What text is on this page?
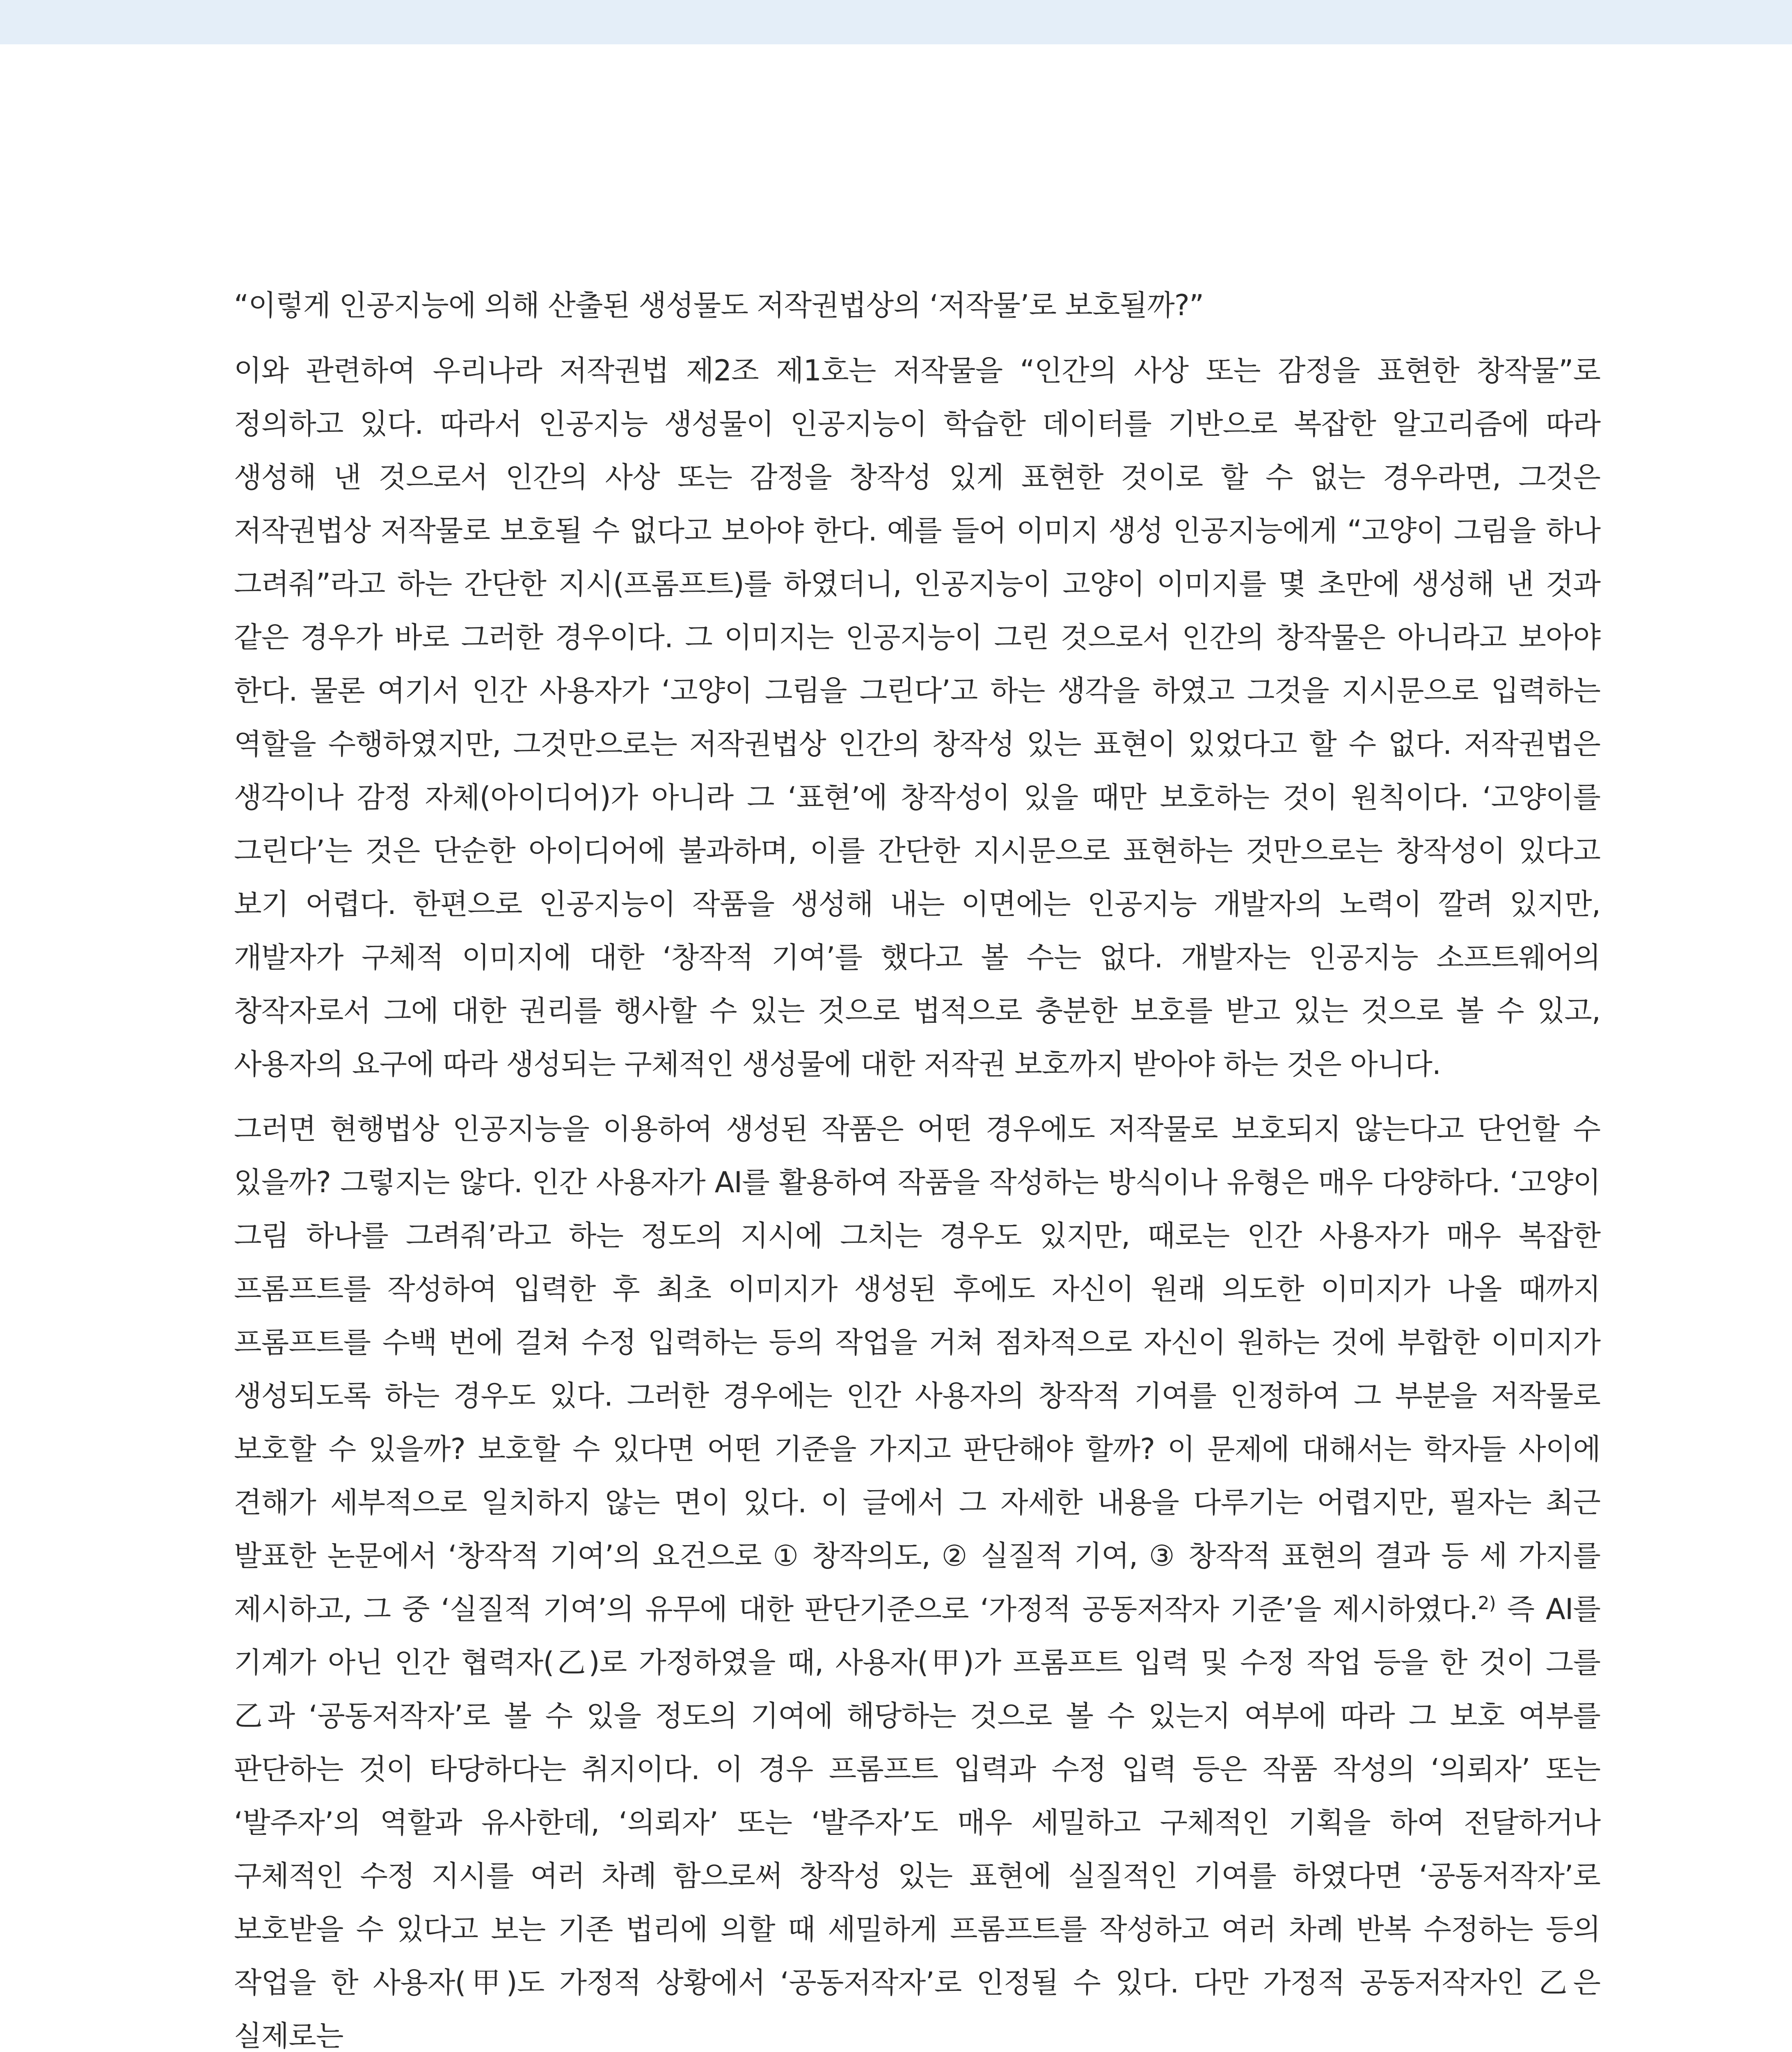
“이렇게 인공지능에 의해 산출된 생성물도 저작권법상의 ‘저작물’로 보호될까?”

이와 관련하여 우리나라 저작권법 제2조 제1호는 저작물을 “인간의 사상 또는 감정을 표현한 창작물”로 정의하고 있다. 따라서 인공지능 생성물이 인공지능이 학습한 데이터를 기반으로 복잡한 알고리즘에 따라 생성해 낸 것으로서 인간의 사상 또는 감정을 창작성 있게 표현한 것이로 할 수 없는 경우라면, 그것은 저작권법상 저작물로 보호될 수 없다고 보아야 한다. 예를 들어 이미지 생성 인공지능에게 “고양이 그림을 하나 그려줘”라고 하는 간단한 지시(프롬프트)를 하였더니, 인공지능이 고양이 이미지를 몇 초만에 생성해 낸 것과 같은 경우가 바로 그러한 경우이다. 그 이미지는 인공지능이 그린 것으로서 인간의 창작물은 아니라고 보아야 한다. 물론 여기서 인간 사용자가 ‘고양이 그림을 그린다’고 하는 생각을 하였고 그것을 지시문으로 입력하는 역할을 수행하였지만, 그것만으로는 저작권법상 인간의 창작성 있는 표현이 있었다고 할 수 없다. 저작권법은 생각이나 감정 자체(아이디어)가 아니라 그 ‘표현’에 창작성이 있을 때만 보호하는 것이 원칙이다. ‘고양이를 그린다’는 것은 단순한 아이디어에 불과하며, 이를 간단한 지시문으로 표현하는 것만으로는 창작성이 있다고 보기 어렵다. 한편으로 인공지능이 작품을 생성해 내는 이면에는 인공지능 개발자의 노력이 깔려 있지만, 개발자가 구체적 이미지에 대한 ‘창작적 기여’를 했다고 볼 수는 없다. 개발자는 인공지능 소프트웨어의 창작자로서 그에 대한 권리를 행사할 수 있는 것으로 법적으로 충분한 보호를 받고 있는 것으로 볼 수 있고, 사용자의 요구에 따라 생성되는 구체적인 생성물에 대한 저작권 보호까지 받아야 하는 것은 아니다.

그러면 현행법상 인공지능을 이용하여 생성된 작품은 어떤 경우에도 저작물로 보호되지 않는다고 단언할 수 있을까? 그렇지는 않다. 인간 사용자가 AI를 활용하여 작품을 작성하는 방식이나 유형은 매우 다양하다. ‘고양이 그림 하나를 그려줘’라고 하는 정도의 지시에 그치는 경우도 있지만, 때로는 인간 사용자가 매우 복잡한 프롬프트를 작성하여 입력한 후 최초 이미지가 생성된 후에도 자신이 원래 의도한 이미지가 나올 때까지 프롬프트를 수백 번에 걸쳐 수정 입력하는 등의 작업을 거쳐 점차적으로 자신이 원하는 것에 부합한 이미지가 생성되도록 하는 경우도 있다. 그러한 경우에는 인간 사용자의 창작적 기여를 인정하여 그 부분을 저작물로 보호할 수 있을까? 보호할 수 있다면 어떤 기준을 가지고 판단해야 할까? 이 문제에 대해서는 학자들 사이에 견해가 세부적으로 일치하지 않는 면이 있다. 이 글에서 그 자세한 내용을 다루기는 어렵지만, 필자는 최근 발표한 논문에서 ‘창작적 기여’의 요건으로 ① 창작의도, ② 실질적 기여, ③ 창작적 표현의 결과 등 세 가지를 제시하고, 그 중 ‘실질적 기여’의 유무에 대한 판단기준으로 ‘가정적 공동저작자 기준’을 제시하였다.$^{2)}$ 즉 AI를 기계가 아닌 인간 협력자(乙)로 가정하였을 때, 사용자(甲)가 프롬프트 입력 및 수정 작업 등을 한 것이 그를 乙과 ‘공동저작자’로 볼 수 있을 정도의 기여에 해당하는 것으로 볼 수 있는지 여부에 따라 그 보호 여부를 판단하는 것이 타당하다는 취지이다. 이 경우 프롬프트 입력과 수정 입력 등은 작품 작성의 ‘의뢰자’ 또는 ‘발주자’의 역할과 유사한데, ‘의뢰자’ 또는 ‘발주자’도 매우 세밀하고 구체적인 기획을 하여 전달하거나 구체적인 수정 지시를 여러 차례 함으로써 창작성 있는 표현에 실질적인 기여를 하였다면 ‘공동저작자’로 보호받을 수 있다고 보는 기존 법리에 의할 때 세밀하게 프롬프트를 작성하고 여러 차례 반복 수정하는 등의 작업을 한 사용자(甲)도 가정적 상황에서 ‘공동저작자’로 인정될 수 있다. 다만 가정적 공동저작자인 乙은 실제로는
